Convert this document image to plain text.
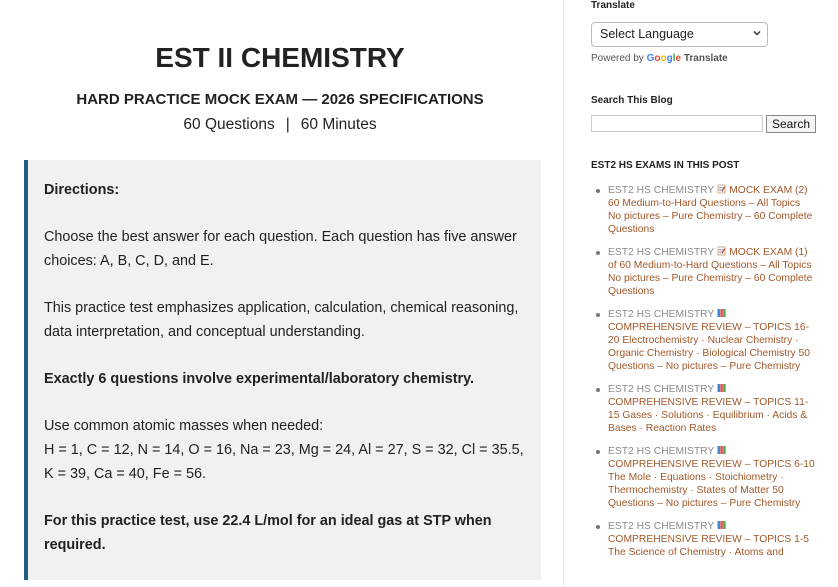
EST II CHEMISTRY
HARD PRACTICE MOCK EXAM — 2026 SPECIFICATIONS
60 Questions | 60 Minutes

Directions:

Choose the best answer for each question. Each question has five answer choices: A, B, C, D, and E.

This practice test emphasizes application, calculation, chemical reasoning, data interpretation, and conceptual understanding.

Exactly 6 questions involve experimental/laboratory chemistry.

Use common atomic masses when needed:
H = 1, C = 12, N = 14, O = 16, Na = 23, Mg = 24, Al = 27, S = 32, Cl = 35.5, K = 39, Ca = 40, Fe = 56.

For this practice test, use 22.4 L/mol for an ideal gas at STP when required.

Translate
Select Language
Powered by Google Translate
Search This Blog
Search
EST2 HS EXAMS IN THIS POST
EST2 HS CHEMISTRY MOCK EXAM (2) 60 Medium-to-Hard Questions – All Topics No pictures – Pure Chemistry – 60 Complete Questions
EST2 HS CHEMISTRY MOCK EXAM (1) of 60 Medium-to-Hard Questions – All Topics No pictures – Pure Chemistry – 60 Complete Questions
EST2 HS CHEMISTRYCOMPREHENSIVE REVIEW – TOPICS 16-20 Electrochemistry · Nuclear Chemistry · Organic Chemistry · Biological Chemistry 50 Questions – No pictures – Pure Chemistry
EST2 HS CHEMISTRYCOMPREHENSIVE REVIEW – TOPICS 11-15 Gases · Solutions · Equilibrium · Acids & Bases · Reaction Rates
EST2 HS CHEMISTRYCOMPREHENSIVE REVIEW – TOPICS 6-10 The Mole · Equations · Stoichiometry · Thermochemistry · States of Matter 50 Questions – No pictures – Pure Chemistry
EST2 HS CHEMISTRYCOMPREHENSIVE REVIEW – TOPICS 1-5 The Science of Chemistry · Atoms and
